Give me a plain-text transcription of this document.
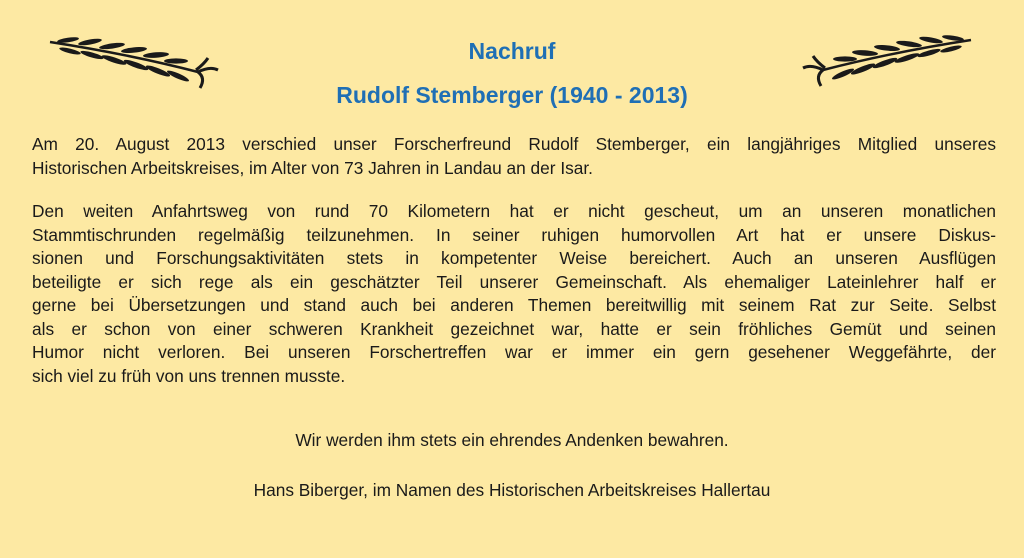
Nachruf
Rudolf Stemberger (1940 - 2013)
Am 20. August 2013 verschied unser Forscherfreund Rudolf Stemberger, ein langjähriges Mitglied unseres
Historischen Arbeitskreises, im Alter von 73 Jahren in Landau an der Isar.
Den weiten Anfahrtsweg von rund 70 Kilometern hat er nicht gescheut, um an unseren monatlichen
Stammtischrunden regelmäßig teilzunehmen. In seiner ruhigen humorvollen Art hat er unsere Diskus-
sionen und Forschungsaktivitäten stets in kompetenter Weise bereichert. Auch an unseren Ausflügen
beteiligte er sich rege als ein geschätzter Teil unserer Gemeinschaft. Als ehemaliger Lateinlehrer half er
gerne bei Übersetzungen und stand auch bei anderen Themen bereitwillig mit seinem Rat zur Seite. Selbst
als er schon von einer schweren Krankheit gezeichnet war, hatte er sein fröhliches Gemüt und seinen
Humor nicht verloren. Bei unseren Forschertreffen war er immer ein gern gesehener Weggefährte, der
sich viel zu früh von uns trennen musste.
Wir werden ihm stets ein ehrendes Andenken bewahren.
Hans Biberger, im Namen des Historischen Arbeitskreises Hallertau
